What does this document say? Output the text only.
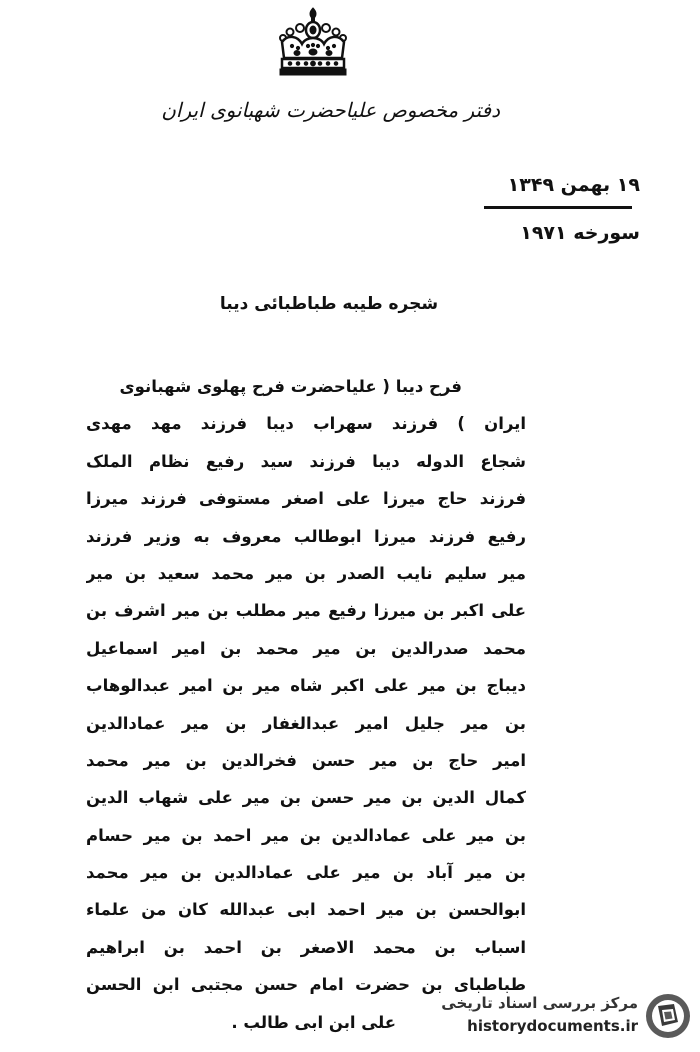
دفتر مخصوص علیاحضرت شهبانوی ایران
۱۹ بهمن ۱۳۴۹
سورخه ۱۹۷۱
شجره طیبه طباطبائی دیبا
فرح دیبا ( علیاحضرت فرح پهلوی شهبانوی
ایران ) فرزند سهراب دیبا فرزند مهد مهدی
شجاع الدوله دیبا فرزند سید رفیع نظام الملک
فرزند حاج میرزا علی اصغر مستوفی فرزند میرزا
رفیع فرزند میرزا ابوطالب معروف به وزیر فرزند
میر سلیم نایب الصدر بن میر محمد سعید بن میر
علی اکبر بن میرزا رفیع میر مطلب بن میر اشرف بن
محمد صدرالدین بن میر محمد بن امیر اسماعیل
دیباج بن میر علی اکبر شاه میر بن امیر عبدالوهاب
بن میر جلیل امیر عبدالغفار بن میر عمادالدین
امیر حاج بن میر حسن فخرالدین بن میر محمد
کمال الدین بن میر حسن بن میر علی شهاب الدین
بن میر علی عمادالدین بن میر احمد بن میر حسام
بن میر آباد بن میر علی عمادالدین بن میر محمد
ابوالحسن بن میر احمد ابی عبدالله کان من علماء
اسباب بن محمد الاصغر بن احمد بن ابراهیم
طباطبای بن حضرت امام حسن مجتبی ابن الحسن
علی ابن ابی طالب .
مرکز بررسی اسناد تاریخی
historydocuments.ir
